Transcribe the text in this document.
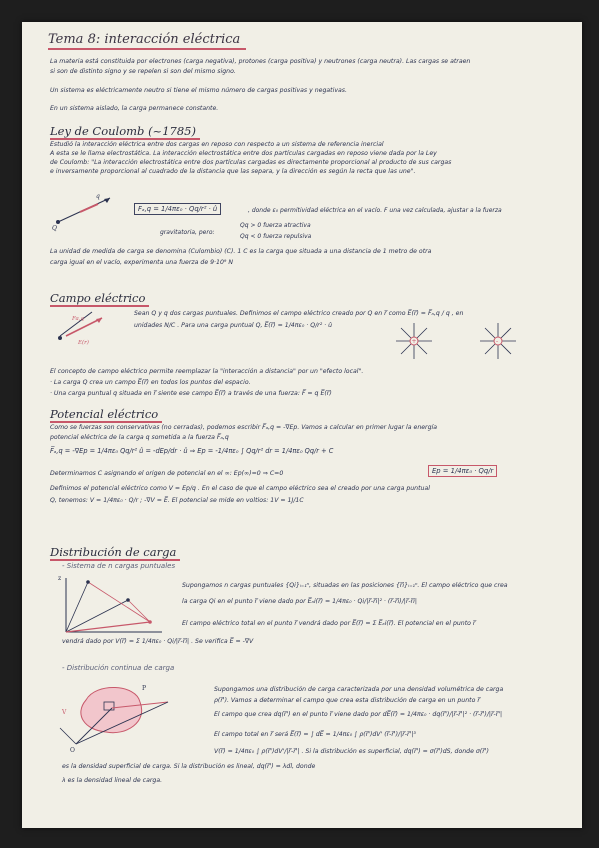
Tema 8: interacción eléctrica
La materia está constituida por electrones (carga negativa), protones (carga positiva) y neutrones (carga neutra). Las cargas se atraen
si son de distinto signo y se repelen si son del mismo signo.
Un sistema es eléctricamente neutro si tiene el mismo número de cargas positivas y negativas.
En un sistema aislado, la carga permanece constante.
Ley de Coulomb (~1785)
Estudió la interacción eléctrica entre dos cargas en reposo con respecto a un sistema de referencia inercial
A esta se le llama electrostática. La interacción electrostática entre dos partículas cargadas en reposo viene dada por la Ley
de Coulomb: "La interacción electrostática entre dos partículas cargadas es directamente proporcional al producto de sus cargas
e inversamente proporcional al cuadrado de la distancia que las separa, y la dirección es según la recta que las une".
Q
q
Fₐ,q = 1/4πε₀ · Qq/r² · û	, donde ε₀ permitividad eléctrica en el vacío. F una vez calculada, ajustar a la fuerza
Qq > 0 fuerza atractiva
gravitatoria, pero:
Qq < 0 fuerza repulsiva
La unidad de medida de carga se denomina (Culombio) (C). 1 C es la carga que situada a una distancia de 1 metro de otra
carga igual en el vacío, experimenta una fuerza de 9·10⁹ N
Campo eléctrico
Fa,q
E(r)
Sean Q y q dos cargas puntuales. Definimos el campo eléctrico creado por Q en r̅ como E̅(r̅) = F̅ₐ,q / q , en
unidades N/C . Para una carga puntual Q, E̅(r̅) = 1/4πε₀ · Q/r² · û
+	-
El concepto de campo eléctrico permite reemplazar la "interacción a distancia" por un "efecto local".
· La carga Q crea un campo E̅(r̅) en todos los puntos del espacio.
· Una carga puntual q situada en r̅ siente ese campo E̅(r̅) a través de una fuerza: F̅ = q E̅(r̅)
Potencial eléctrico
Como se fuerzas son conservativas (no cerradas), podemos escribir F̅ₐ,q = -∇Ep. Vamos a calcular en primer lugar la energía
potencial eléctrica de la carga q sometida a la fuerza F̅ₐ,q
F̅ₐ,q = -∇Ep = 1/4πε₀ Qq/r² û = -dEp/dr · û ⇒ Ep = -1/4πε₀ ∫ Qq/r² dr = 1/4πε₀ Qq/r + C
Determinamos C asignando el origen de potencial en el ∞: Ep(∞)=0 ⇒ C=0	Ep = 1/4πε₀ · Qq/r
Definimos el potencial eléctrico como V = Ep/q . En el caso de que el campo eléctrico sea el creado por una carga puntual
Q, tenemos: V = 1/4πε₀ · Q/r ; -∇V = E̅. El potencial se mide en voltios: 1V = 1J/1C
Distribución de carga
- Sistema de n cargas puntuales
z
Supongamos n cargas puntuales {Qi}ᵢ₌₁ⁿ, situadas en las posiciones {r̅i}ᵢ₌₁ⁿ. El campo eléctrico que crea
la carga Qi en el punto r̅ viene dado por E̅ₐi(r̅) = 1/4πε₀ · Qi/|r̅-r̅i|² · (r̅-r̅i)/|r̅-r̅i|
El campo eléctrico total en el punto r̅ vendrá dado por E̅(r̅) = Σ E̅ₐi(r̅). El potencial en el punto r̅
vendrá dado por V(r̅) = Σ 1/4πε₀ · Qi/|r̅-r̅i| . Se verifica E̅ = -∇V
- Distribución continua de carga
V
P
O
Supongamos una distribución de carga caracterizada por una densidad volumétrica de carga
ρ(r̅'). Vamos a determinar el campo que crea esta distribución de carga en un punto r̅
El campo que crea dq(r̅') en el punto r̅ viene dado por dE̅(r̅) = 1/4πε₀ · dq(r̅')/|r̅-r̅'|² · (r̅-r̅')/|r̅-r̅'|
El campo total en r̅ será E̅(r̅) = ∫ dE̅ = 1/4πε₀ ∫ ρ(r̅')dV' (r̅-r̅')/|r̅-r̅'|³
V(r̅) = 1/4πε₀ ∫ ρ(r̅')dV'/|r̅-r̅'| . Si la distribución es superficial, dq(r̅') = σ(r̅')dS, donde σ(r̅')
es la densidad superficial de carga. Si la distribución es lineal, dq(r̅') = λdl, donde
λ es la densidad lineal de carga.
